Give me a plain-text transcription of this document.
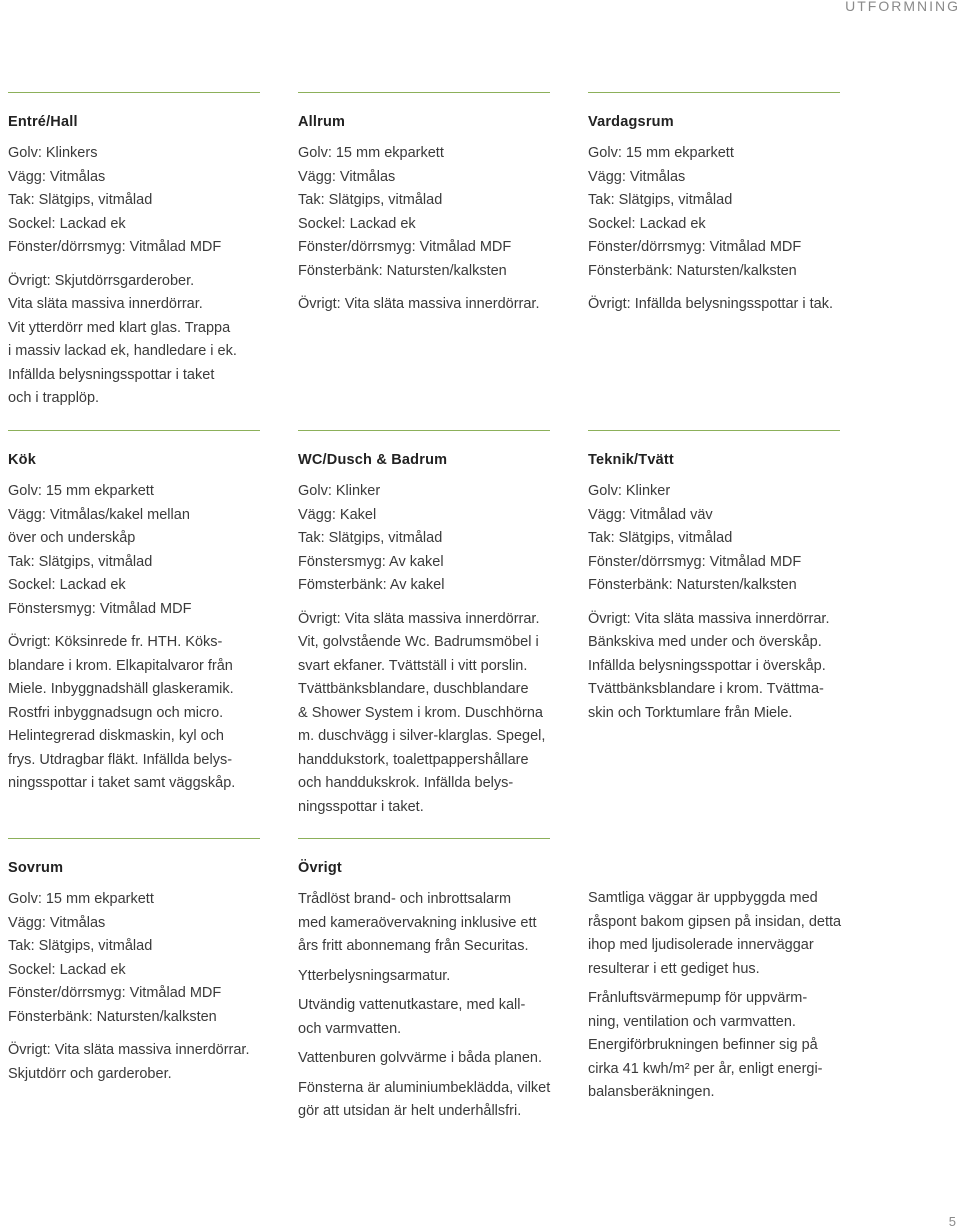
UTFORMNING
Entré/Hall
Golv: Klinkers
Vägg: Vitmålas
Tak: Slätgips, vitmålad
Sockel: Lackad ek
Fönster/dörrsmyg: Vitmålad MDF
Övrigt: Skjutdörrsgarderober.
Vita släta massiva innerdörrar.
Vit ytterdörr med klart glas. Trappa
i massiv lackad ek, handledare i ek.
Infällda belysningsspottar i taket
och i trapplöp.
Allrum
Golv: 15 mm ekparkett
Vägg: Vitmålas
Tak: Slätgips, vitmålad
Sockel: Lackad ek
Fönster/dörrsmyg: Vitmålad MDF
Fönsterbänk: Natursten/kalksten
Övrigt: Vita släta massiva innerdörrar.
Vardagsrum
Golv: 15 mm ekparkett
Vägg: Vitmålas
Tak: Slätgips, vitmålad
Sockel: Lackad ek
Fönster/dörrsmyg: Vitmålad MDF
Fönsterbänk: Natursten/kalksten
Övrigt: Infällda belysningsspottar i tak.
Kök
Golv: 15 mm ekparkett
Vägg: Vitmålas/kakel mellan
över och underskåp
Tak: Slätgips, vitmålad
Sockel: Lackad ek
Fönstersmyg: Vitmålad MDF
Övrigt: Köksinrede fr. HTH. Köks-
blandare i krom. Elkapitalvaror från
Miele. Inbyggnadshäll glaskeramik.
Rostfri inbyggnadsugn och micro.
Helintegrerad diskmaskin, kyl och
frys. Utdragbar fläkt. Infällda belys-
ningsspottar i taket samt väggskåp.
WC/Dusch & Badrum
Golv: Klinker
Vägg: Kakel
Tak: Slätgips, vitmålad
Fönstersmyg: Av kakel
Fömsterbänk: Av kakel
Övrigt: Vita släta massiva innerdörrar.
Vit, golvstående Wc. Badrumsmöbel i
svart ekfaner. Tvättställ i vitt porslin.
Tvättbänksblandare, duschblandare
& Shower System i krom. Duschhörna
m. duschvägg i silver-klarglas. Spegel,
handdukstork, toalettpappershållare
och handdukskrok. Infällda belys-
ningsspottar i taket.
Teknik/Tvätt
Golv: Klinker
Vägg: Vitmålad väv
Tak: Slätgips, vitmålad
Fönster/dörrsmyg: Vitmålad MDF
Fönsterbänk: Natursten/kalksten
Övrigt: Vita släta massiva innerdörrar.
Bänkskiva med under och överskåp.
Infällda belysningsspottar i överskåp.
Tvättbänksblandare i krom. Tvättma-
skin och Torktumlare från Miele.
Sovrum
Golv: 15 mm ekparkett
Vägg: Vitmålas
Tak: Slätgips, vitmålad
Sockel: Lackad ek
Fönster/dörrsmyg: Vitmålad MDF
Fönsterbänk: Natursten/kalksten
Övrigt: Vita släta massiva innerdörrar.
Skjutdörr och garderober.
Övrigt
Trådlöst brand- och inbrottsalarm
med kameraövervakning inklusive ett
års fritt abonnemang från Securitas.
Ytterbelysningsarmatur.
Utvändig vattenutkastare, med kall-
och varmvatten.
Vattenburen golvvärme i båda planen.
Fönsterna är aluminiumbeklädda, vilket
gör att utsidan är helt underhållsfri.
Samtliga väggar är uppbyggda med
råspont bakom gipsen på insidan, detta
ihop med ljudisolerade innerväggar
resulterar i ett gediget hus.
Frånluftsvärmepump för uppvärm-
ning, ventilation och varmvatten.
Energiförbrukningen befinner sig på
cirka 41 kwh/m² per år, enligt energi-
balansberäkningen.
5
